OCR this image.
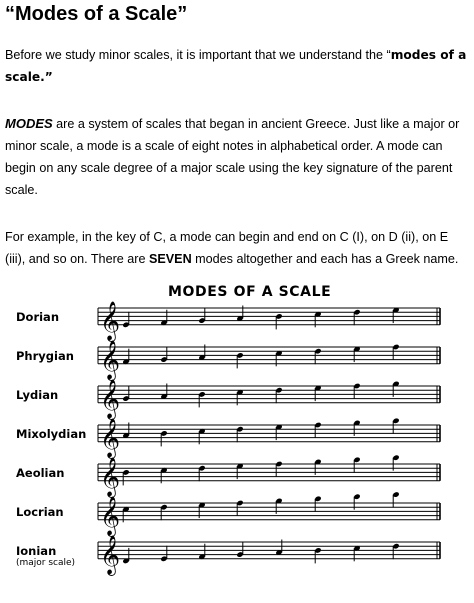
“Modes of a Scale”

Before we study minor scales, it is important that we understand the “modes of a scale.”

MODES are a system of scales that began in ancient Greece. Just like a major or minor scale, a mode is a scale of eight notes in alphabetical order. A mode can begin on any scale degree of a major scale using the key signature of the parent scale.

For example, in the key of C, a mode can begin and end on C (I), on D (ii), on E (iii), and so on. There are SEVEN modes altogether and each has a Greek name.

MODES OF A SCALE
Dorian
Phrygian
Lydian
Mixolydian
Aeolian
Locrian
Ionian
(major scale)
𝄞
𝄞
𝄞
𝄞
𝄞
𝄞
𝄞
